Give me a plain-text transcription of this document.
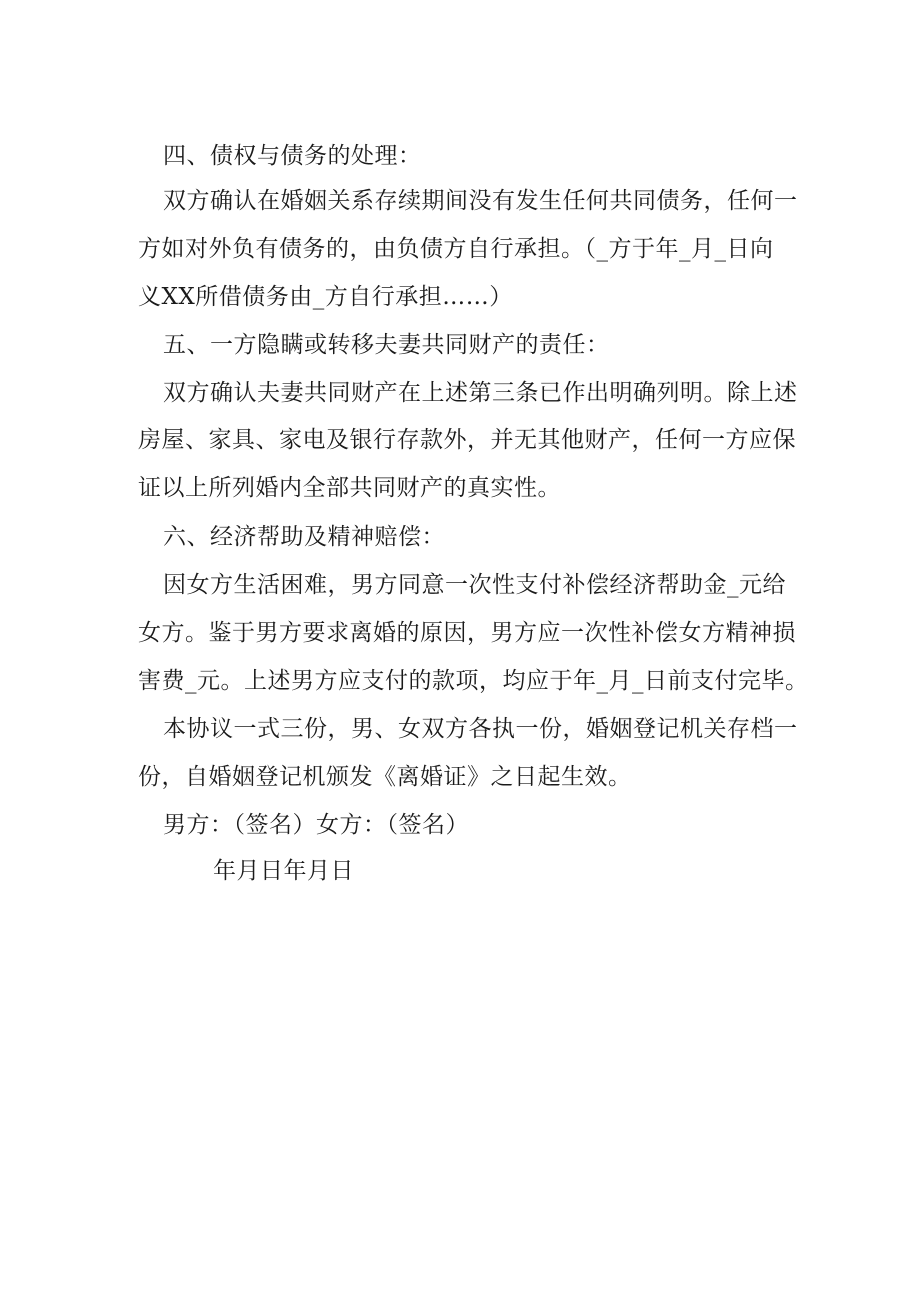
四、债权与债务的处理：
双方确认在婚姻关系存续期间没有发生任何共同债务，任何一
方如对外负有债务的，由负债方自行承担。（_方于年_月_日向
义XX所借债务由_方自行承担……）
五、一方隐瞒或转移夫妻共同财产的责任：
双方确认夫妻共同财产在上述第三条已作出明确列明。除上述
房屋、家具、家电及银行存款外，并无其他财产，任何一方应保
证以上所列婚内全部共同财产的真实性。
六、经济帮助及精神赔偿：
因女方生活困难，男方同意一次性支付补偿经济帮助金_元给
女方。鉴于男方要求离婚的原因，男方应一次性补偿女方精神损
害费_元。上述男方应支付的款项，均应于年_月_日前支付完毕。
本协议一式三份，男、女双方各执一份，婚姻登记机关存档一
份，自婚姻登记机颁发《离婚证》之日起生效。
男方：（签名）女方：（签名）
年月日年月日
